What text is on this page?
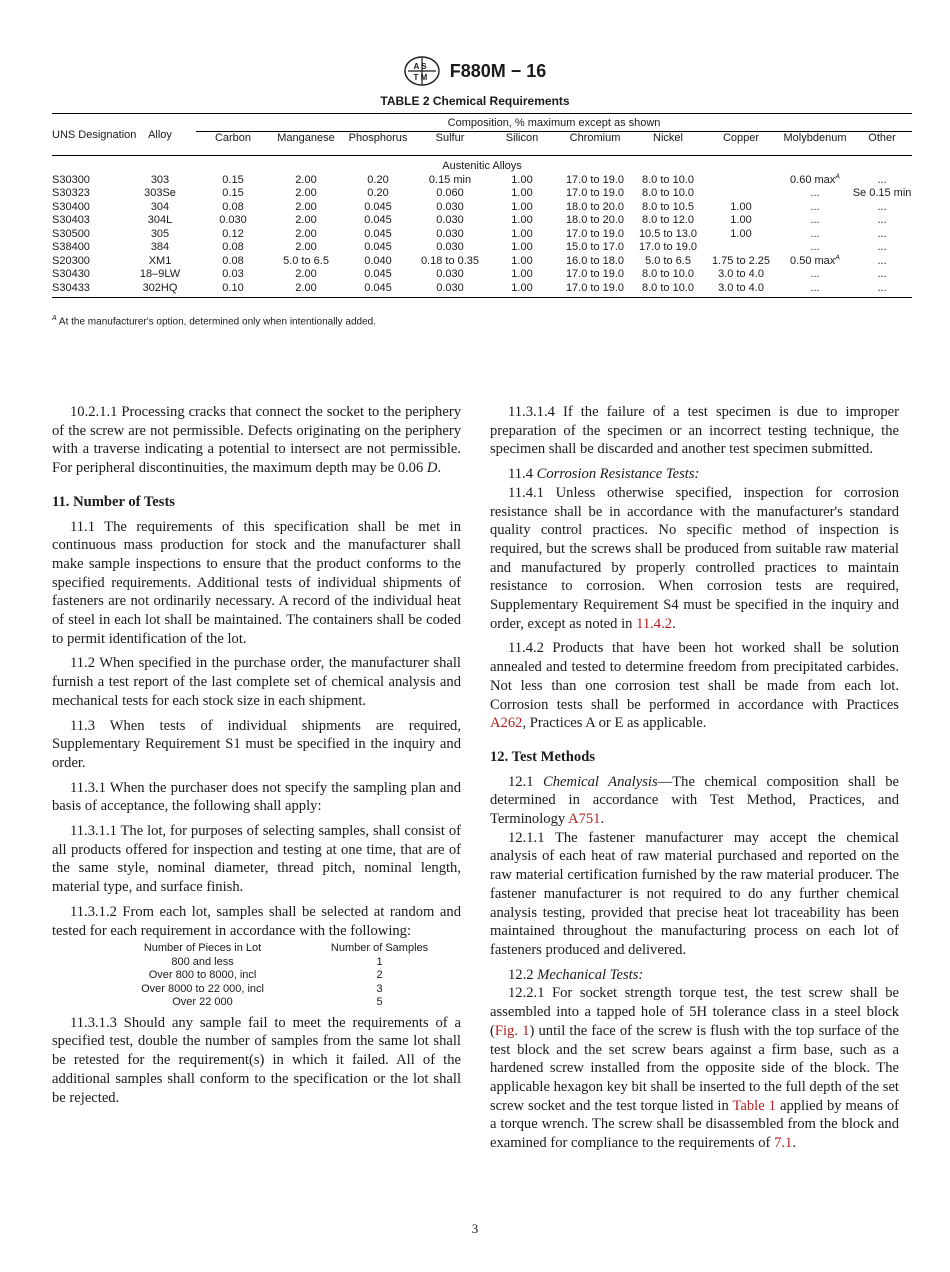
A S
T M F880M − 16
TABLE 2 Chemical Requirements
UNS Designation	Alloy	Composition, % maximum except as shown									
		Carbon	Manganese	Phosphorus	Sulfur	Silicon	Chromium	Nickel	Copper	Molybdenum	Other
Austenitic Alloys											
S30300	303	0.15	2.00	0.20	0.15 min	1.00	17.0 to 19.0	8.0 to 10.0		0.60 $\max^A$	...
S30323	303Se	0.15	2.00	0.20	0.060	1.00	17.0 to 19.0	8.0 to 10.0		...	Se 0.15 min
S30400	304	0.08	2.00	0.045	0.030	1.00	18.0 to 20.0	8.0 to 10.5	1.00	...	...
S30403	304L	0.030	2.00	0.045	0.030	1.00	18.0 to 20.0	8.0 to 12.0	1.00	...	...
S30500	305	0.12	2.00	0.045	0.030	1.00	17.0 to 19.0	10.5 to 13.0	1.00	...	...
S38400	384	0.08	2.00	0.045	0.030	1.00	15.0 to 17.0	17.0 to 19.0		...	...
S20300	XM1	0.08	5.0 to 6.5	0.040	0.18 to 0.35	1.00	16.0 to 18.0	5.0 to 6.5	1.75 to 2.25	0.50 $\max^A$	...
S30430	18–9LW	0.03	2.00	0.045	0.030	1.00	17.0 to 19.0	8.0 to 10.0	3.0 to 4.0	...	...
S30433	302HQ	0.10	2.00	0.045	0.030	1.00	17.0 to 19.0	8.0 to 10.0	3.0 to 4.0	...	...
$^A$ At the manufacturer's option, determined only when intentionally added.

10.2.1.1 Processing cracks that connect the socket to the periphery of the screw are not permissible. Defects originating on the periphery with a traverse indicating a potential to intersect are not permissible. For peripheral discontinuities, the maximum depth may be 0.06 D.

11. Number of Tests

11.1 The requirements of this specification shall be met in continuous mass production for stock and the manufacturer shall make sample inspections to ensure that the product conforms to the specified requirements. Additional tests of individual shipments of fasteners are not ordinarily necessary. A record of the individual heat of steel in each lot shall be maintained. The containers shall be coded to permit identification of the lot.

11.2 When specified in the purchase order, the manufacturer shall furnish a test report of the last complete set of chemical analysis and mechanical tests for each stock size in each shipment.

11.3 When tests of individual shipments are required, Supplementary Requirement S1 must be specified in the inquiry and order.

11.3.1 When the purchaser does not specify the sampling plan and basis of acceptance, the following shall apply:

11.3.1.1 The lot, for purposes of selecting samples, shall consist of all products offered for inspection and testing at one time, that are of the same style, nominal diameter, thread pitch, nominal length, material type, and surface finish.

11.3.1.2 From each lot, samples shall be selected at random and tested for each requirement in accordance with the following:

Number of Pieces in Lot	Number of Samples
800 and less	1
Over 800 to 8000, incl	2
Over 8000 to 22 000, incl	3
Over 22 000	5

11.3.1.3 Should any sample fail to meet the requirements of a specified test, double the number of samples from the same lot shall be retested for the requirement(s) in which it failed. All of the additional samples shall conform to the specification or the lot shall be rejected.

11.3.1.4 If the failure of a test specimen is due to improper preparation of the specimen or an incorrect testing technique, the specimen shall be discarded and another test specimen submitted.

11.4 Corrosion Resistance Tests:

11.4.1 Unless otherwise specified, inspection for corrosion resistance shall be in accordance with the manufacturer's standard quality control practices. No specific method of inspection is required, but the screws shall be produced from suitable raw material and manufactured by properly controlled practices to maintain resistance to corrosion. When corrosion tests are required, Supplementary Requirement S4 must be specified in the inquiry and order, except as noted in 11.4.2.

11.4.2 Products that have been hot worked shall be solution annealed and tested to determine freedom from precipitated carbides. Not less than one corrosion test shall be made from each lot. Corrosion tests shall be performed in accordance with Practices A262, Practices A or E as applicable.

12. Test Methods

12.1 Chemical Analysis—The chemical composition shall be determined in accordance with Test Method, Practices, and Terminology A751.

12.1.1 The fastener manufacturer may accept the chemical analysis of each heat of raw material purchased and reported on the raw material certification furnished by the raw material producer. The fastener manufacturer is not required to do any further chemical analysis testing, provided that precise heat lot traceability has been maintained throughout the manufacturing process on each lot of fasteners produced and delivered.

12.2 Mechanical Tests:

12.2.1 For socket strength torque test, the test screw shall be assembled into a tapped hole of 5H tolerance class in a steel block (Fig. 1) until the face of the screw is flush with the top surface of the test block and the set screw bears against a firm base, such as a hardened screw installed from the opposite side of the block. The applicable hexagon key bit shall be inserted to the full depth of the set screw socket and the test torque listed in Table 1 applied by means of a torque wrench. The screw shall be disassembled from the block and examined for compliance to the requirements of 7.1.

3
